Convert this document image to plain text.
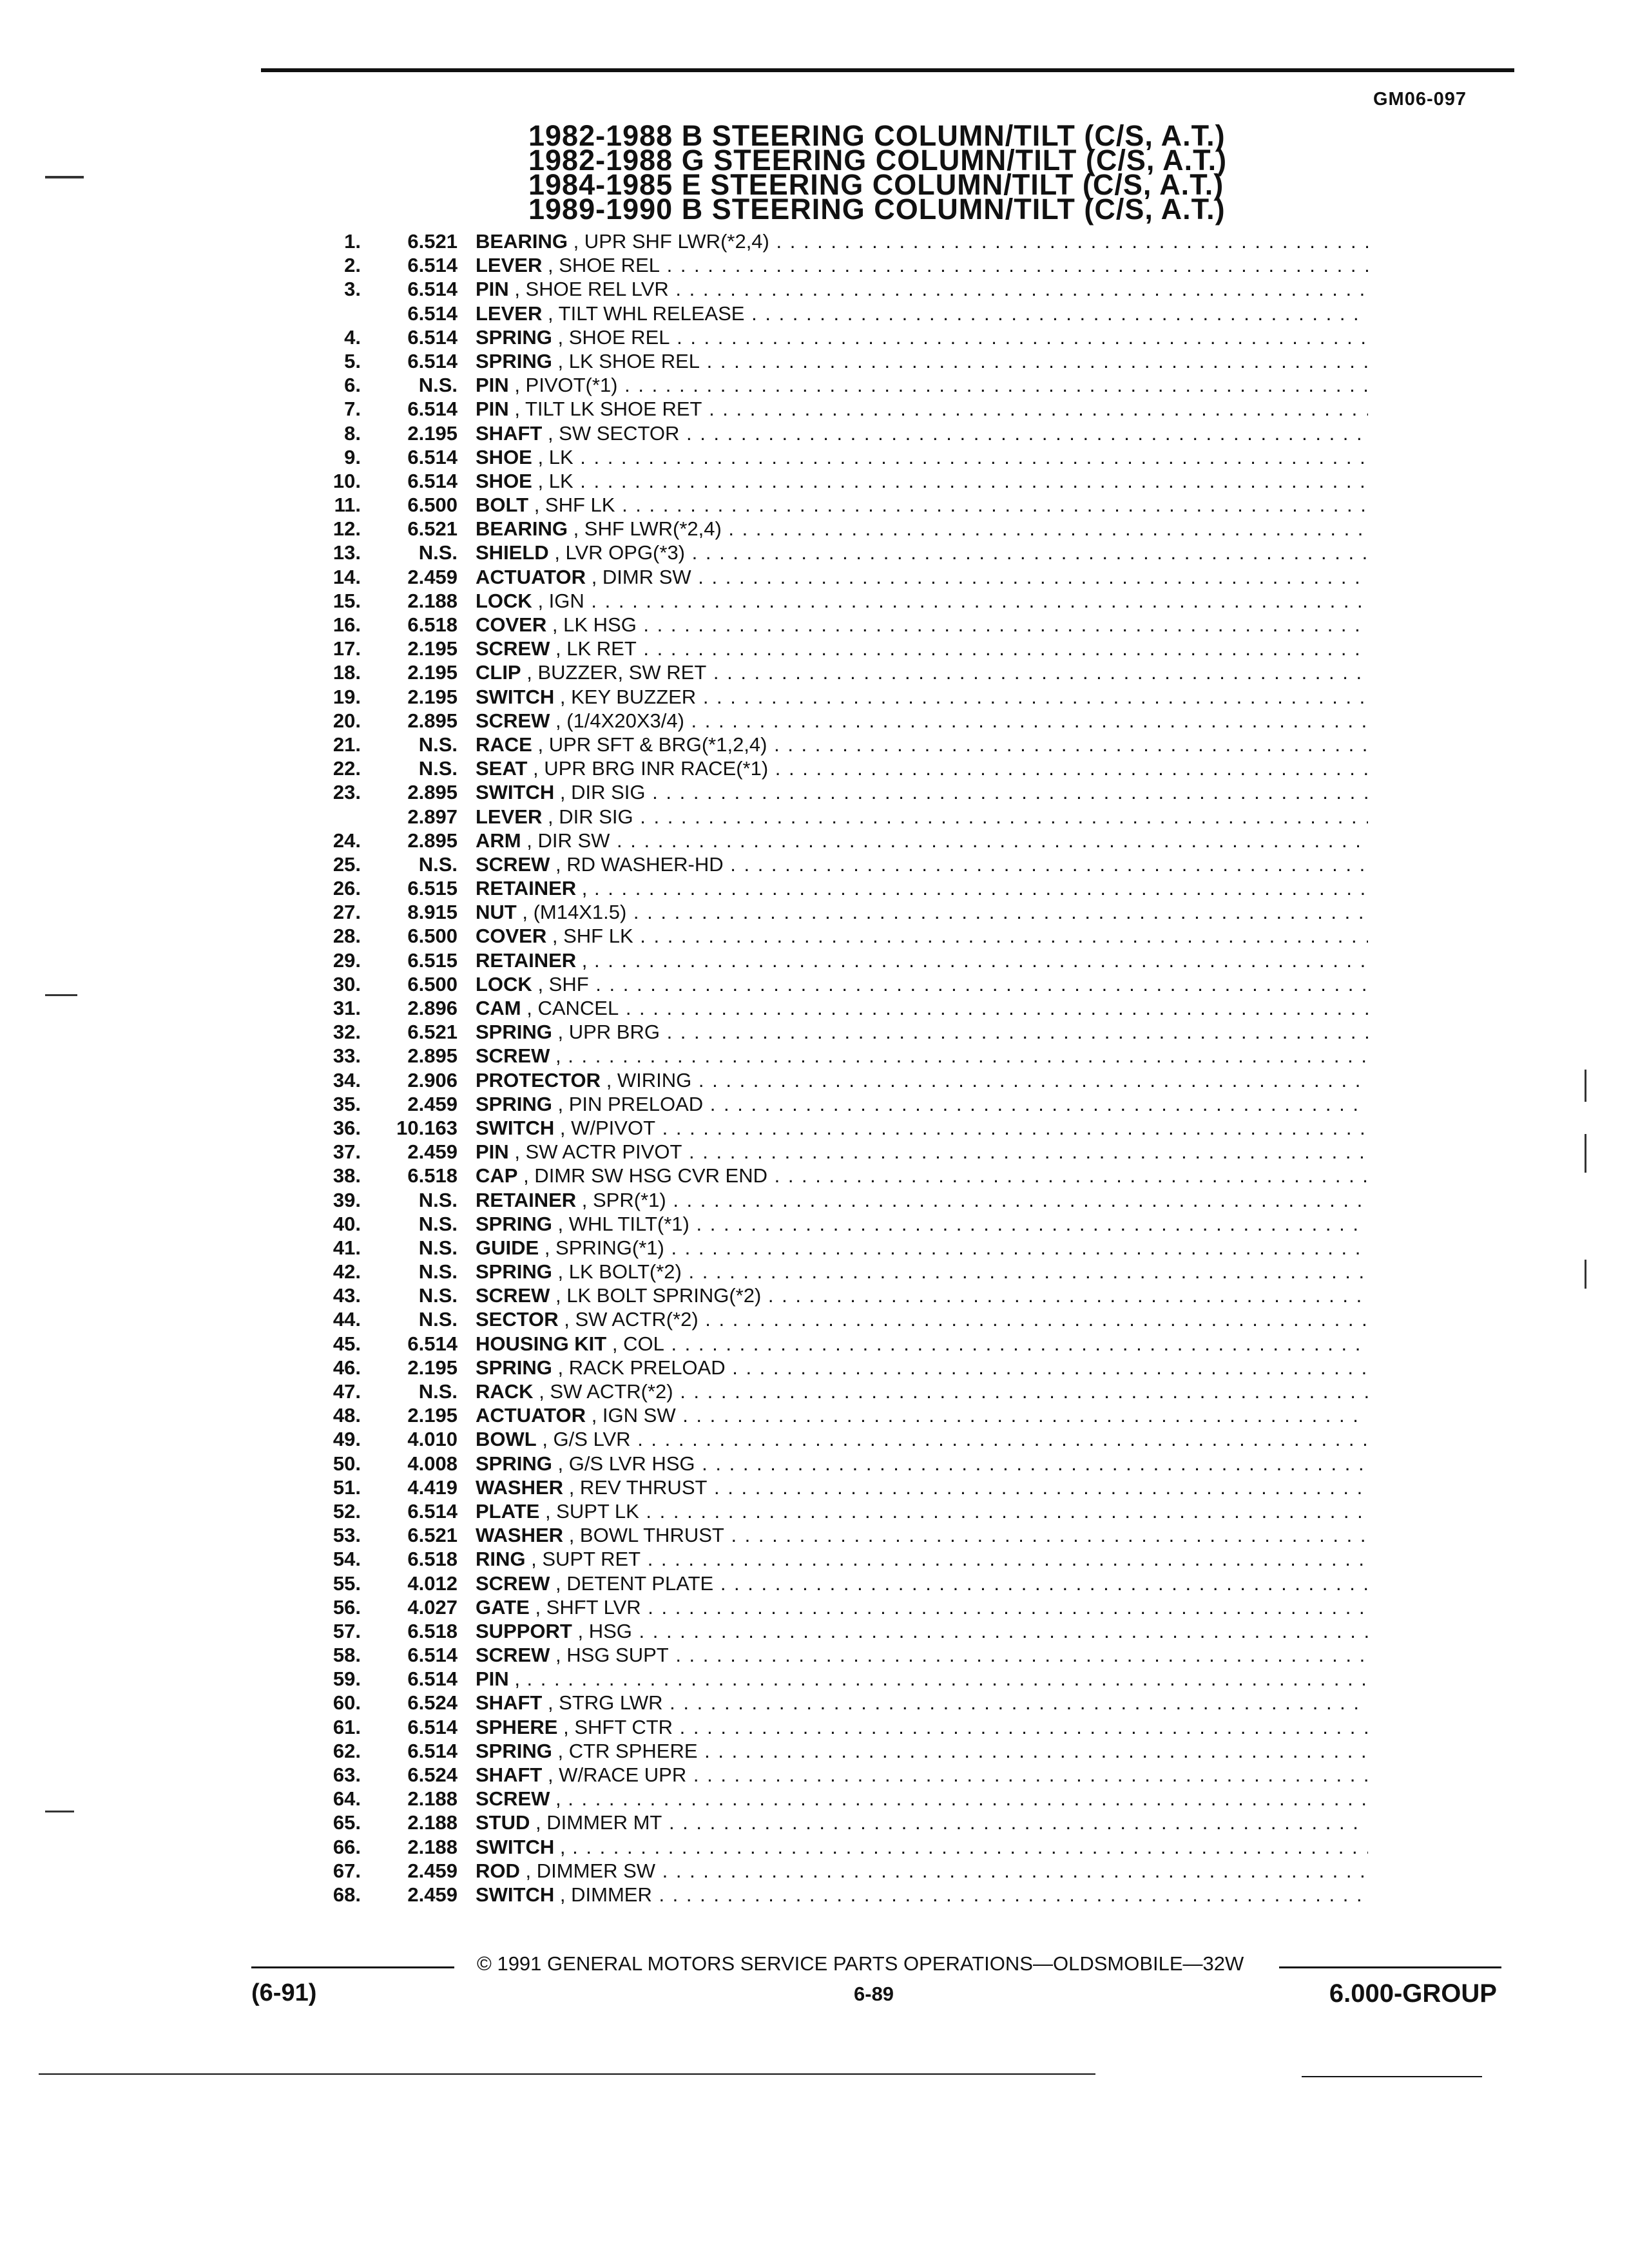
GM06-097
1982-1988 B STEERING COLUMN/TILT (C/S, A.T.)
1982-1988 G STEERING COLUMN/TILT (C/S, A.T.)
1984-1985 E STEERING COLUMN/TILT (C/S, A.T.)
1989-1990 B STEERING COLUMN/TILT (C/S, A.T.)
1.	6.521 BEARING , UPR SHF LWR(*2,4) . . .
2.	6.514 LEVER , SHOE REL . . .
3.	6.514 PIN , SHOE REL LVR . . .
6.514 LEVER , TILT WHL RELEASE . . .
4.	6.514 SPRING , SHOE REL . . .
5.	6.514 SPRING , LK SHOE REL . . .
6.	N.S. PIN , PIVOT(*1) . . .
7.	6.514 PIN , TILT LK SHOE RET . . .
8.	2.195 SHAFT , SW SECTOR . . .
9.	6.514 SHOE , LK . . .
10.	6.514 SHOE , LK . . .
11.	6.500 BOLT , SHF LK . . .
12.	6.521 BEARING , SHF LWR(*2,4) . . .
13.	N.S. SHIELD , LVR OPG(*3) . . .
14.	2.459 ACTUATOR , DIMR SW . . .
15.	2.188 LOCK , IGN . . .
16.	6.518 COVER , LK HSG . . .
17.	2.195 SCREW , LK RET . . .
18.	2.195 CLIP , BUZZER, SW RET . . .
19.	2.195 SWITCH , KEY BUZZER . . .
20.	2.895 SCREW , (1/4X20X3/4) . . .
21.	N.S. RACE , UPR SFT & BRG(*1,2,4) . . .
22.	N.S. SEAT , UPR BRG INR RACE(*1) . . .
23.	2.895 SWITCH , DIR SIG . . .
2.897 LEVER , DIR SIG . . .
24.	2.895 ARM , DIR SW . . .
25.	N.S. SCREW , RD WASHER-HD . . .
26.	6.515 RETAINER , . . .
27.	8.915 NUT , (M14X1.5) . . .
28.	6.500 COVER , SHF LK . . .
29.	6.515 RETAINER , . . .
30.	6.500 LOCK , SHF . . .
31.	2.896 CAM , CANCEL . . .
32.	6.521 SPRING , UPR BRG . . .
33.	2.895 SCREW , . . .
34.	2.906 PROTECTOR , WIRING . . .
35.	2.459 SPRING , PIN PRELOAD . . .
36.	10.163 SWITCH , W/PIVOT . . .
37.	2.459 PIN , SW ACTR PIVOT . . .
38.	6.518 CAP , DIMR SW HSG CVR END . . .
39.	N.S. RETAINER , SPR(*1) . . .
40.	N.S. SPRING , WHL TILT(*1) . . .
41.	N.S. GUIDE , SPRING(*1) . . .
42.	N.S. SPRING , LK BOLT(*2) . . .
43.	N.S. SCREW , LK BOLT SPRING(*2) . . .
44.	N.S. SECTOR , SW ACTR(*2) . . .
45.	6.514 HOUSING KIT , COL . . .
46.	2.195 SPRING , RACK PRELOAD . . .
47.	N.S. RACK , SW ACTR(*2) . . .
48.	2.195 ACTUATOR , IGN SW . . .
49.	4.010 BOWL , G/S LVR . . .
50.	4.008 SPRING , G/S LVR HSG . . .
51.	4.419 WASHER , REV THRUST . . .
52.	6.514 PLATE , SUPT LK . . .
53.	6.521 WASHER , BOWL THRUST . . .
54.	6.518 RING , SUPT RET . . .
55.	4.012 SCREW , DETENT PLATE . . .
56.	4.027 GATE , SHFT LVR . . .
57.	6.518 SUPPORT , HSG . . .
58.	6.514 SCREW , HSG SUPT . . .
59.	6.514 PIN , . . .
60.	6.524 SHAFT , STRG LWR . . .
61.	6.514 SPHERE , SHFT CTR . . .
62.	6.514 SPRING , CTR SPHERE . . .
63.	6.524 SHAFT , W/RACE UPR . . .
64.	2.188 SCREW , . . .
65.	2.188 STUD , DIMMER MT . . .
66.	2.188 SWITCH , . . .
67.	2.459 ROD , DIMMER SW . . .
68.	2.459 SWITCH , DIMMER . . .
© 1991 GENERAL MOTORS SERVICE PARTS OPERATIONS—OLDSMOBILE—32W
(6-91)	6-89	6.000-GROUP
